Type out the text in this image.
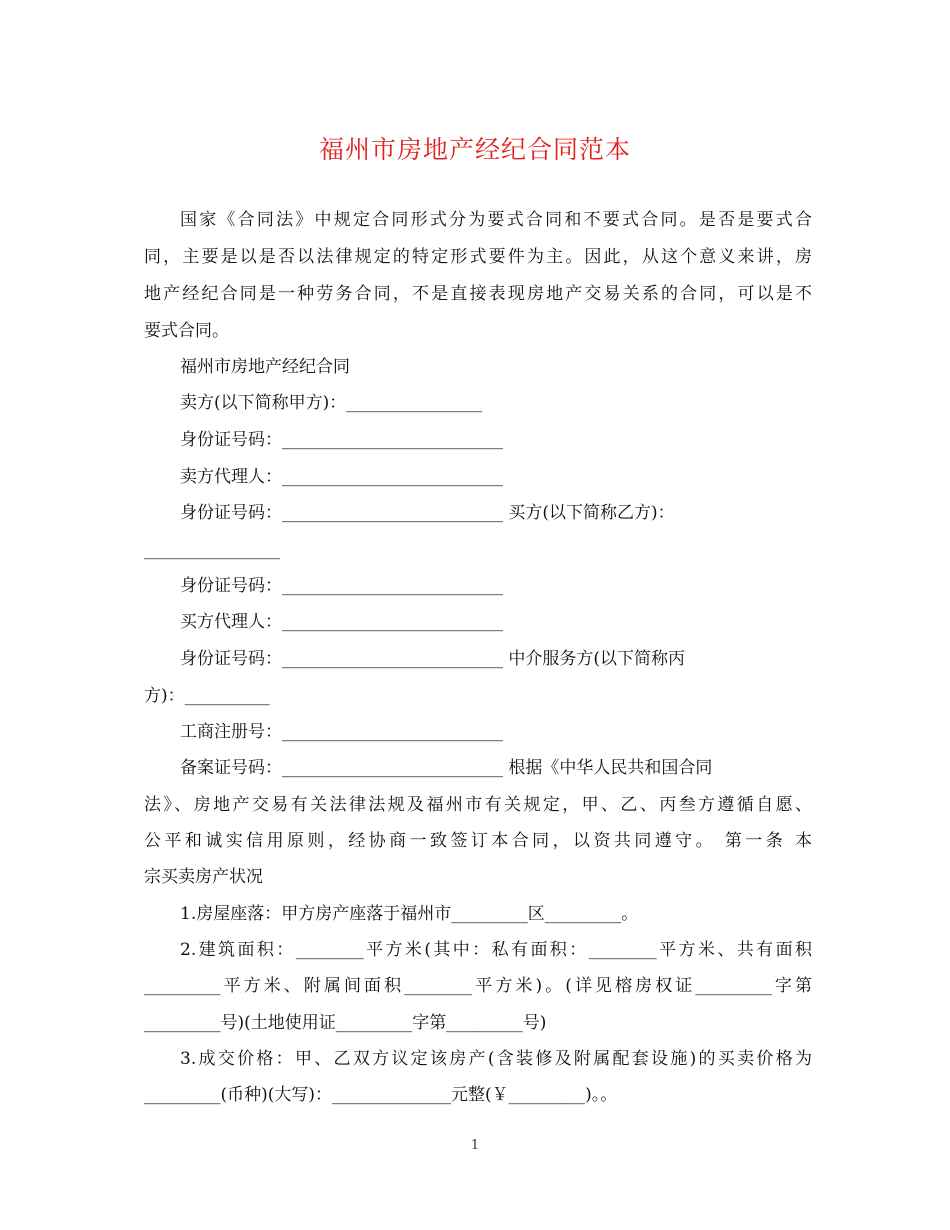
福州市房地产经纪合同范本
国家《合同法》中规定合同形式分为要式合同和不要式合同。是否是要式合
同，主要是以是否以法律规定的特定形式要件为主。因此，从这个意义来讲，房
地产经纪合同是一种劳务合同，不是直接表现房地产交易关系的合同，可以是不
要式合同。
福州市房地产经纪合同
卖方(以下简称甲方)：________________
身份证号码：__________________________
卖方代理人：__________________________
身份证号码：__________________________ 买方(以下简称乙方)：
________________
身份证号码：__________________________
买方代理人：__________________________
身份证号码：__________________________ 中介服务方(以下简称丙
方)：__________
工商注册号：__________________________
备案证号码：__________________________ 根据《中华人民共和国合同
法》、房地产交易有关法律法规及福州市有关规定，甲、乙、丙叁方遵循自愿、
公平和诚实信用原则，经协商一致签订本合同，以资共同遵守。 第一条 本
宗买卖房产状况
1.房屋座落：甲方房产座落于福州市_________区_________。
2.建筑面积：________平方米(其中：私有面积：________平方米、共有面积
_________平方米、附属间面积________平方米)。(详见榕房权证_________字第
_________号)(土地使用证_________字第_________号)
3.成交价格：甲、乙双方议定该房产(含装修及附属配套设施)的买卖价格为
_________(币种)(大写)：______________元整(￥_________)。。
1
